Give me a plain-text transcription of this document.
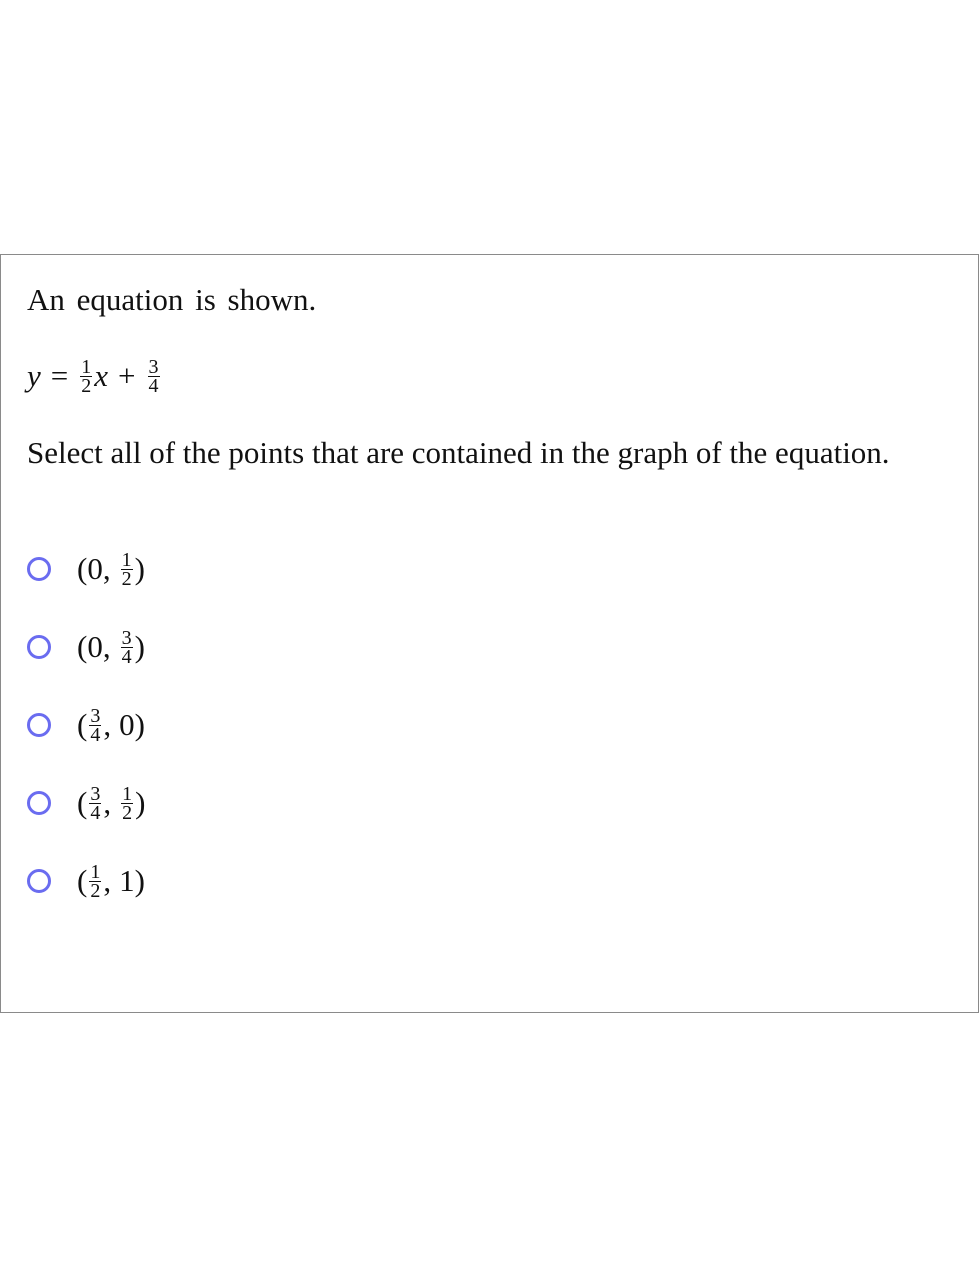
An equation is shown.
$y = \frac{1}{2}$ $x + \frac{3}{4}$
Select all of the points that are contained in the graph of the equation.
( 0 , $\frac{1}{2}$ )
( 0 , $\frac{3}{4}$ )
( $\frac{3}{4}$ , 0 )
( $\frac{3}{4}$ , $\frac{1}{2}$ )
( $\frac{1}{2}$ , 1 )
